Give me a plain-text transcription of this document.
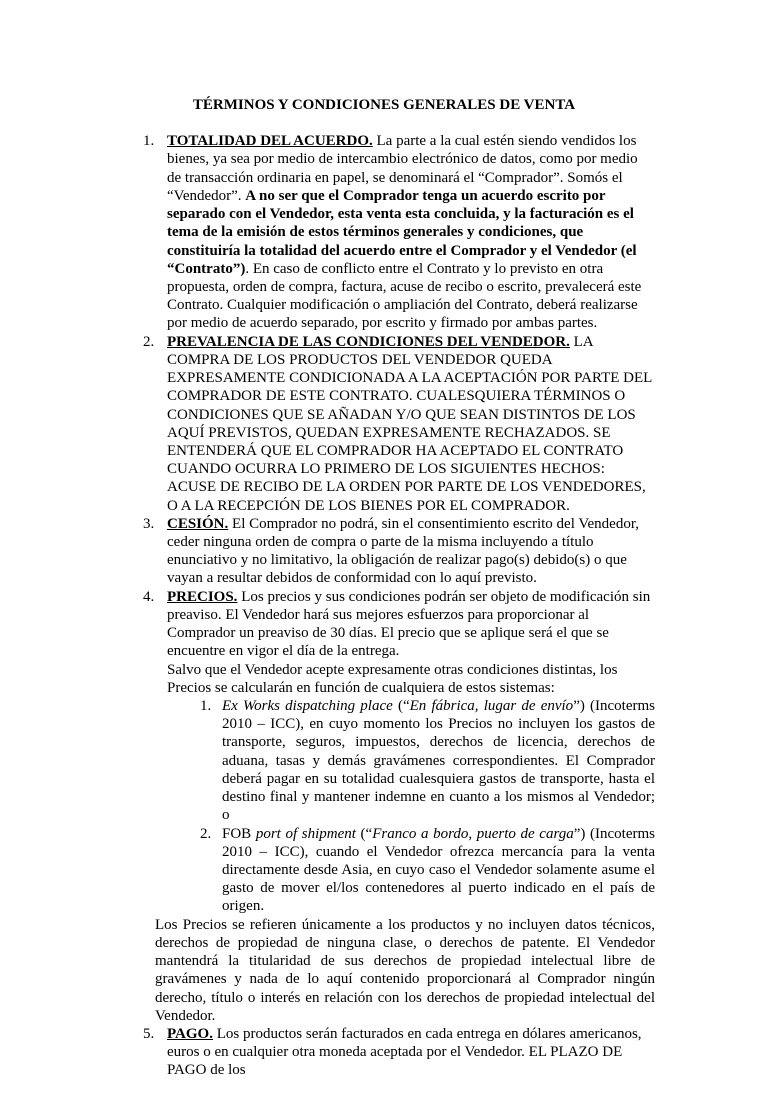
TÉRMINOS Y CONDICIONES GENERALES DE VENTA
1. TOTALIDAD DEL ACUERDO. La parte a la cual estén siendo vendidos los bienes, ya sea por medio de intercambio electrónico de datos, como por medio de transacción ordinaria en papel, se denominará el “Comprador”. Somós el “Vendedor”. A no ser que el Comprador tenga un acuerdo escrito por separado con el Vendedor, esta venta esta concluida, y la facturación es el tema de la emisión de estos términos generales y condiciones, que constituiría la totalidad del acuerdo entre el Comprador y el Vendedor (el “Contrato”). En caso de conflicto entre el Contrato y lo previsto en otra propuesta, orden de compra, factura, acuse de recibo o escrito, prevalecerá este Contrato. Cualquier modificación o ampliación del Contrato, deberá realizarse por medio de acuerdo separado, por escrito y firmado por ambas partes.
2. PREVALENCIA DE LAS CONDICIONES DEL VENDEDOR. LA COMPRA DE LOS PRODUCTOS DEL VENDEDOR QUEDA EXPRESAMENTE CONDICIONADA A LA ACEPTACIÓN POR PARTE DEL COMPRADOR DE ESTE CONTRATO. CUALESQUIERA TÉRMINOS O CONDICIONES QUE SE AÑADAN Y/O QUE SEAN DISTINTOS DE LOS AQUÍ PREVISTOS, QUEDAN EXPRESAMENTE RECHAZADOS. SE ENTENDERÁ QUE EL COMPRADOR HA ACEPTADO EL CONTRATO CUANDO OCURRA LO PRIMERO DE LOS SIGUIENTES HECHOS: ACUSE DE RECIBO DE LA ORDEN POR PARTE DE LOS VENDEDORES, O A LA RECEPCIÓN DE LOS BIENES POR EL COMPRADOR.
3. CESIÓN. El Comprador no podrá, sin el consentimiento escrito del Vendedor, ceder ninguna orden de compra o parte de la misma incluyendo a título enunciativo y no limitativo, la obligación de realizar pago(s) debido(s) o que vayan a resultar debidos de conformidad con lo aquí previsto.
4. PRECIOS. Los precios y sus condiciones podrán ser objeto de modificación sin preaviso. El Vendedor hará sus mejores esfuerzos para proporcionar al Comprador un preaviso de 30 días. El precio que se aplique será el que se encuentre en vigor el día de la entrega.
Salvo que el Vendedor acepte expresamente otras condiciones distintas, los Precios se calcularán en función de cualquiera de estos sistemas:
1. Ex Works dispatching place (“En fábrica, lugar de envío”) (Incoterms 2010 – ICC), en cuyo momento los Precios no incluyen los gastos de transporte, seguros, impuestos, derechos de licencia, derechos de aduana, tasas y demás gravámenes correspondientes. El Comprador deberá pagar en su totalidad cualesquiera gastos de transporte, hasta el destino final y mantener indemne en cuanto a los mismos al Vendedor; o
2. FOB port of shipment (“Franco a bordo, puerto de carga”) (Incoterms 2010 – ICC), cuando el Vendedor ofrezca mercancía para la venta directamente desde Asia, en cuyo caso el Vendedor solamente asume el gasto de mover el/los contenedores al puerto indicado en el país de origen.
Los Precios se refieren únicamente a los productos y no incluyen datos técnicos, derechos de propiedad de ninguna clase, o derechos de patente. El Vendedor mantendrá la titularidad de sus derechos de propiedad intelectual libre de gravámenes y nada de lo aquí contenido proporcionará al Comprador ningún derecho, título o interés en relación con los derechos de propiedad intelectual del Vendedor.
5. PAGO. Los productos serán facturados en cada entrega en dólares americanos, euros o en cualquier otra moneda aceptada por el Vendedor. EL PLAZO DE PAGO de los
